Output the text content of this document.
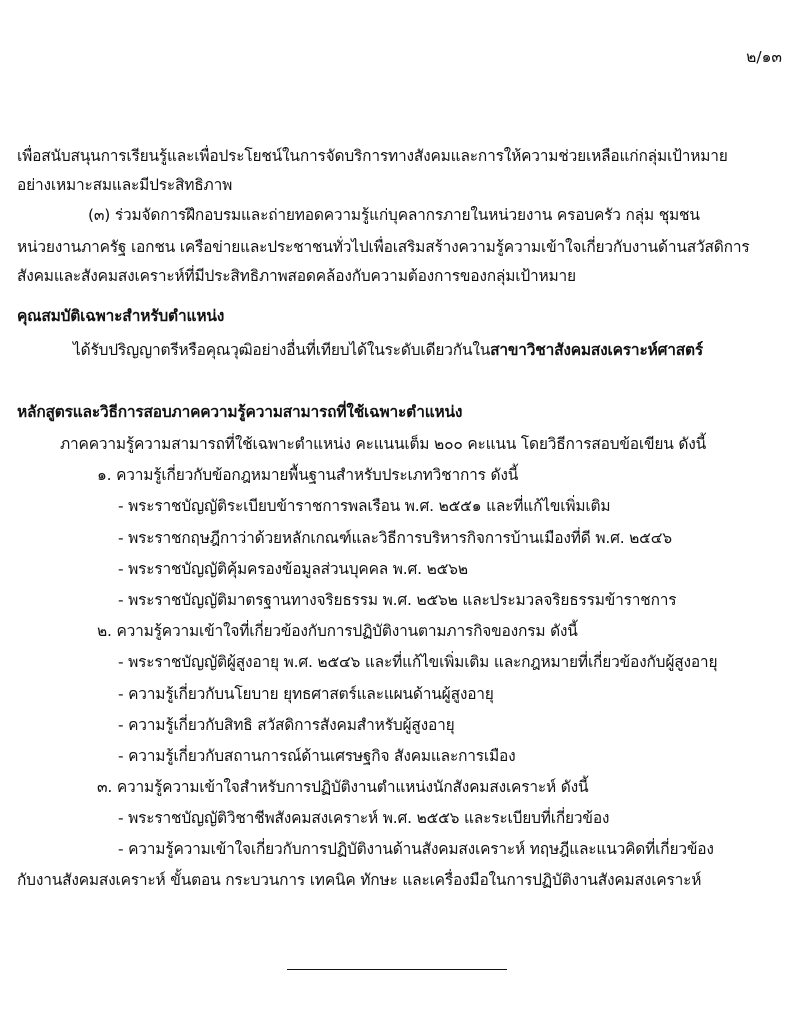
๒/๑๓
เพื่อสนับสนุนการเรียนรู้และเพื่อประโยชน์ในการจัดบริการทางสังคมและการให้ความช่วยเหลือแก่กลุ่มเป้าหมาย
อย่างเหมาะสมและมีประสิทธิภาพ
(๓) ร่วมจัดการฝึกอบรมและถ่ายทอดความรู้แก่บุคลากรภายในหน่วยงาน ครอบครัว กลุ่ม ชุมชน
หน่วยงานภาครัฐ เอกชน เครือข่ายและประชาชนทั่วไปเพื่อเสริมสร้างความรู้ความเข้าใจเกี่ยวกับงานด้านสวัสดิการ
สังคมและสังคมสงเคราะห์ที่มีประสิทธิภาพสอดคล้องกับความต้องการของกลุ่มเป้าหมาย
คุณสมบัติเฉพาะสำหรับตำแหน่ง
ได้รับปริญญาตรีหรือคุณวุฒิอย่างอื่นที่เทียบได้ในระดับเดียวกันในสาขาวิชาสังคมสงเคราะห์ศาสตร์
หลักสูตรและวิธีการสอบภาคความรู้ความสามารถที่ใช้เฉพาะตำแหน่ง
ภาคความรู้ความสามารถที่ใช้เฉพาะตำแหน่ง คะแนนเต็ม ๒๐๐ คะแนน โดยวิธีการสอบข้อเขียน ดังนี้
๑. ความรู้เกี่ยวกับข้อกฎหมายพื้นฐานสำหรับประเภทวิชาการ ดังนี้
- พระราชบัญญัติระเบียบข้าราชการพลเรือน พ.ศ. ๒๕๕๑ และที่แก้ไขเพิ่มเติม
- พระราชกฤษฎีกาว่าด้วยหลักเกณฑ์และวิธีการบริหารกิจการบ้านเมืองที่ดี พ.ศ. ๒๕๔๖
- พระราชบัญญัติคุ้มครองข้อมูลส่วนบุคคล พ.ศ. ๒๕๖๒
- พระราชบัญญัติมาตรฐานทางจริยธรรม พ.ศ. ๒๕๖๒ และประมวลจริยธรรมข้าราชการ
๒. ความรู้ความเข้าใจที่เกี่ยวข้องกับการปฏิบัติงานตามภารกิจของกรม ดังนี้
- พระราชบัญญัติผู้สูงอายุ พ.ศ. ๒๕๔๖ และที่แก้ไขเพิ่มเติม และกฎหมายที่เกี่ยวข้องกับผู้สูงอายุ
- ความรู้เกี่ยวกับนโยบาย ยุทธศาสตร์และแผนด้านผู้สูงอายุ
- ความรู้เกี่ยวกับสิทธิ สวัสดิการสังคมสำหรับผู้สูงอายุ
- ความรู้เกี่ยวกับสถานการณ์ด้านเศรษฐกิจ สังคมและการเมือง
๓. ความรู้ความเข้าใจสำหรับการปฏิบัติงานตำแหน่งนักสังคมสงเคราะห์ ดังนี้
- พระราชบัญญัติวิชาชีพสังคมสงเคราะห์ พ.ศ. ๒๕๕๖ และระเบียบที่เกี่ยวข้อง
- ความรู้ความเข้าใจเกี่ยวกับการปฏิบัติงานด้านสังคมสงเคราะห์ ทฤษฎีและแนวคิดที่เกี่ยวข้อง
กับงานสังคมสงเคราะห์ ขั้นตอน กระบวนการ เทคนิค ทักษะ และเครื่องมือในการปฏิบัติงานสังคมสงเคราะห์
